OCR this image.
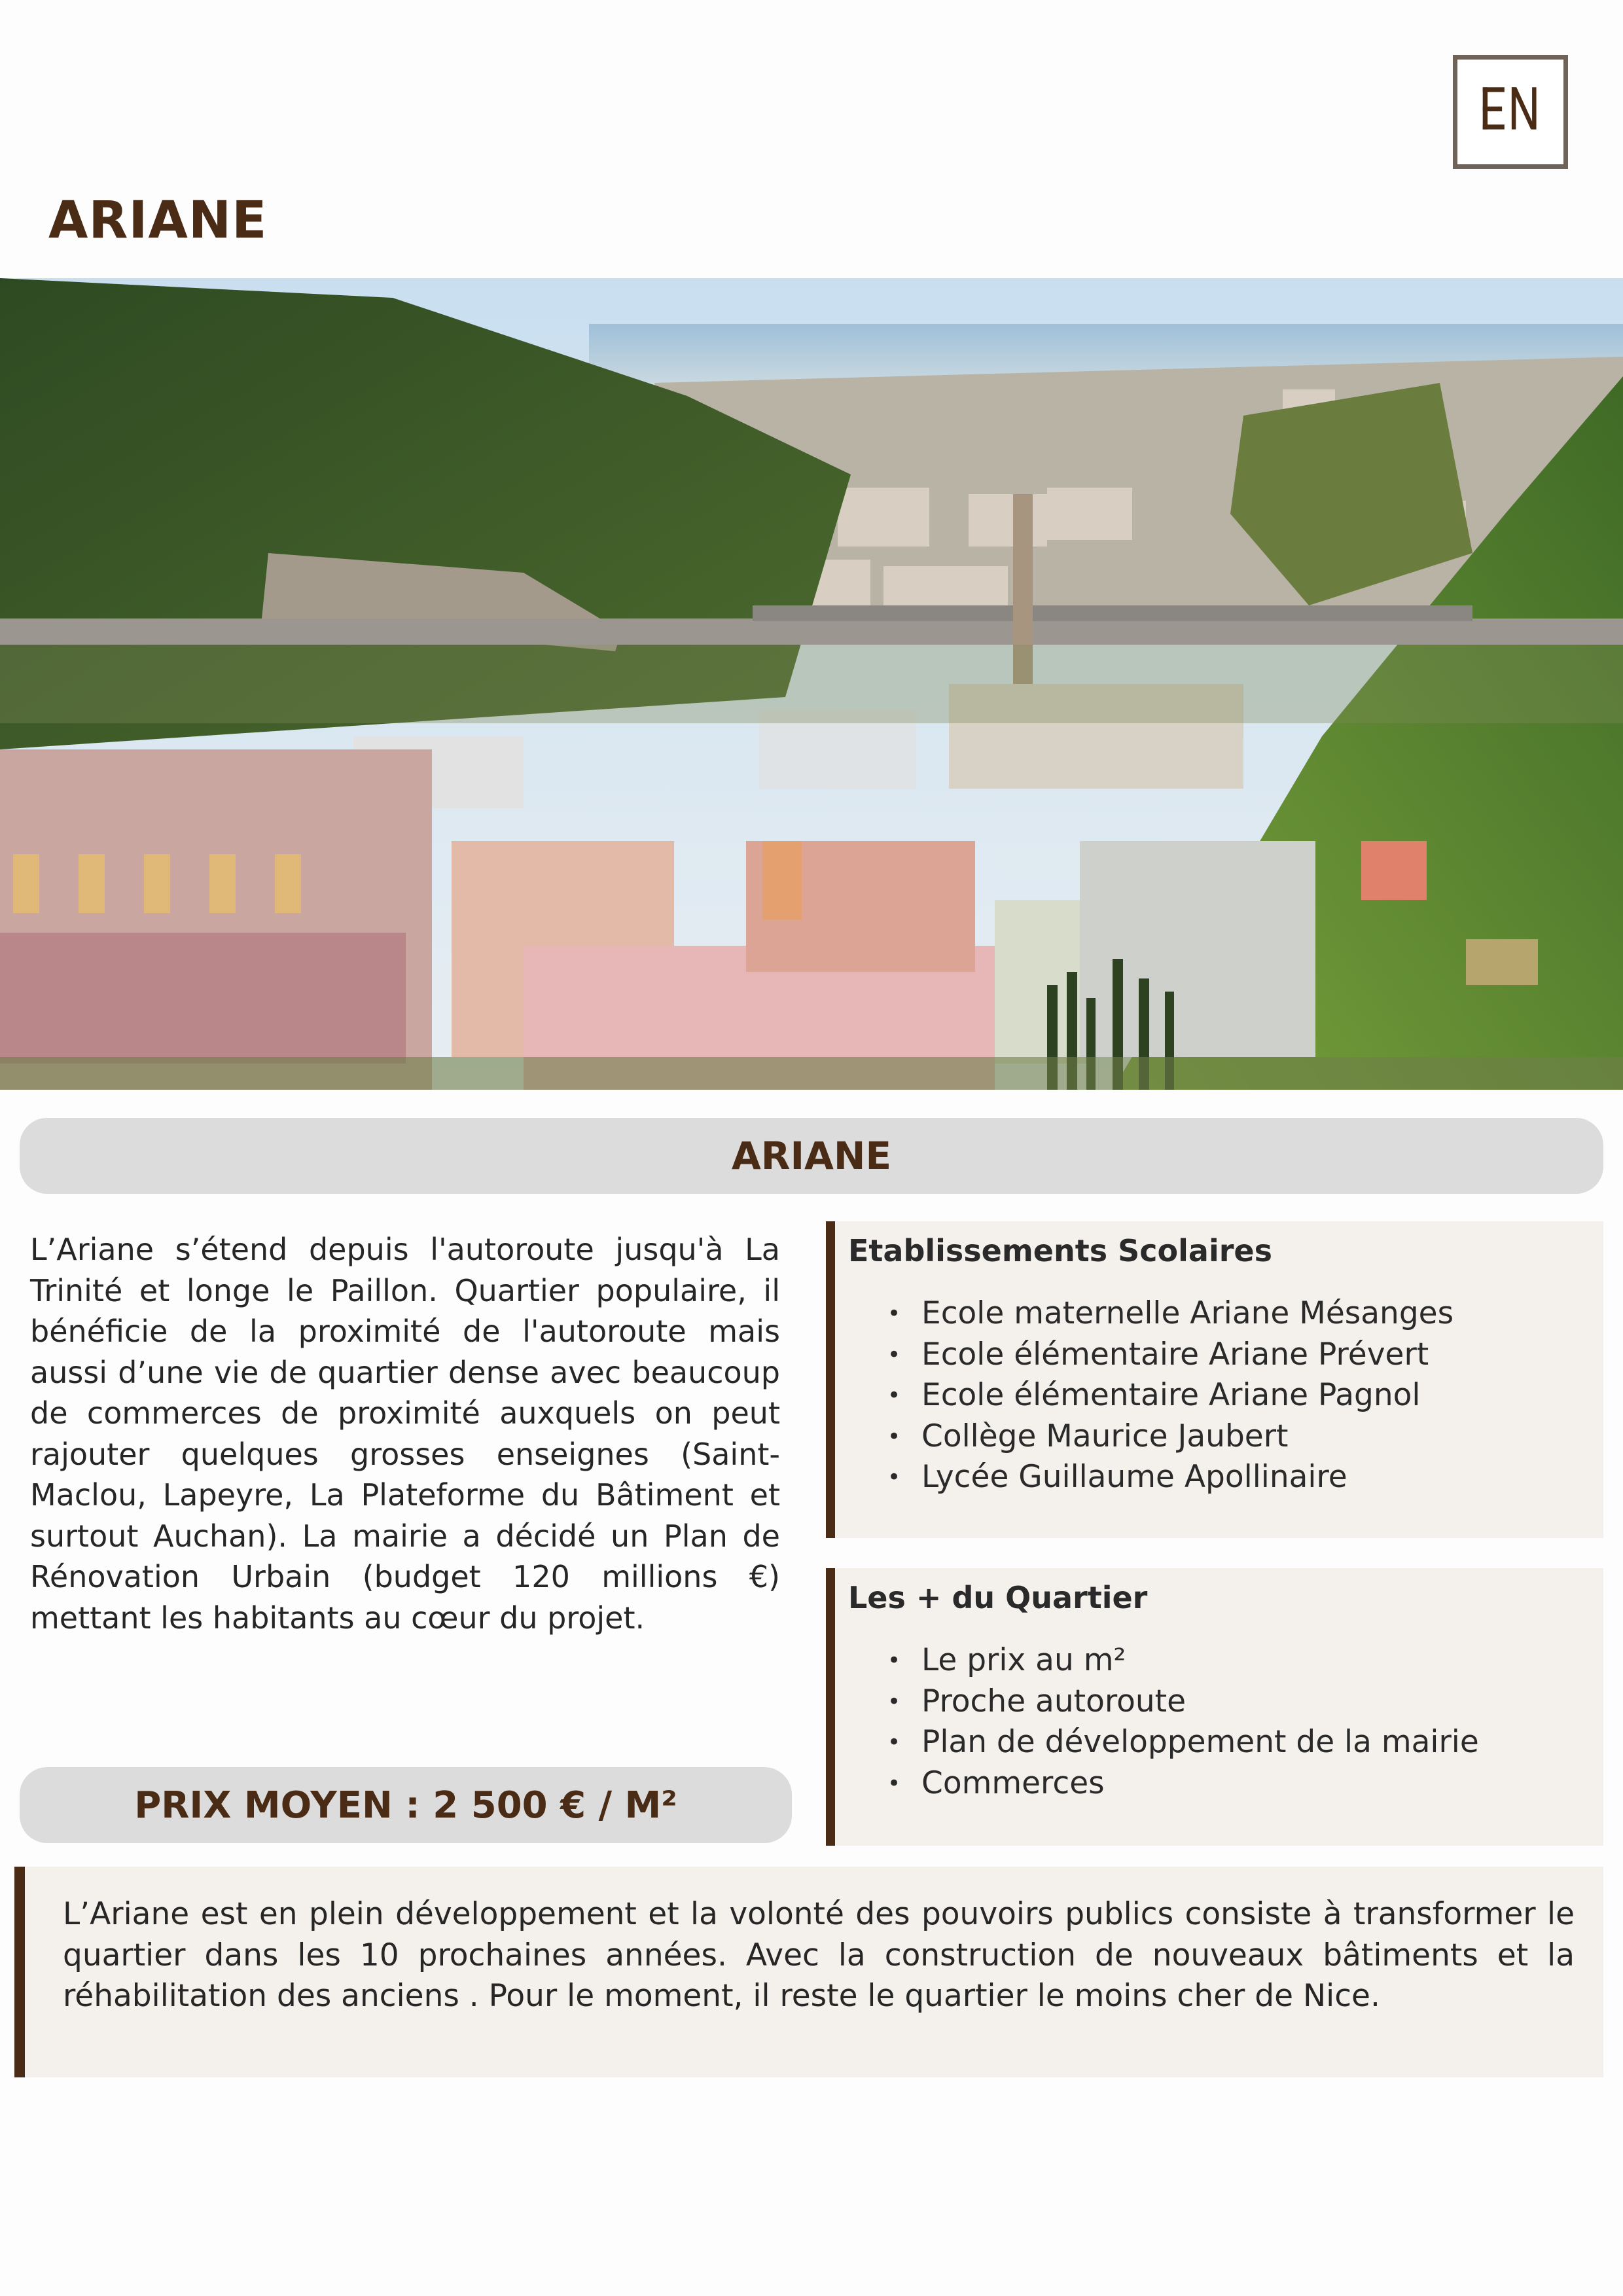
ARIANE
ARIANE

L’Ariane s’étend depuis l'autoroute jusqu'à La Trinité et longe le Paillon. Quartier populaire, il bénéficie de la proximité de l'autoroute mais aussi d’une vie de quartier dense avec beaucoup de commerces de proximité auxquels on peut rajouter quelques grosses enseignes (Saint-Maclou, Lapeyre, La Plateforme du Bâtiment et surtout Auchan). La mairie a décidé un Plan de Rénovation Urbain (budget 120 millions €) mettant les habitants au cœur du projet.

PRIX MOYEN : 2 500 € / M²
Etablissements Scolaires
• Ecole maternelle Ariane Mésanges
• Ecole élémentaire Ariane Prévert
• Ecole élémentaire Ariane Pagnol
• Collège Maurice Jaubert
• Lycée Guillaume Apollinaire
Les + du Quartier
• Le prix au m²
• Proche autoroute
• Plan de développement de la mairie
• Commerces

L’Ariane est en plein développement et la volonté des pouvoirs publics consiste à transformer le quartier dans les 10 prochaines années. Avec la construction de nouveaux bâtiments et la réhabilitation des anciens . Pour le moment, il reste le quartier le moins cher de Nice.
